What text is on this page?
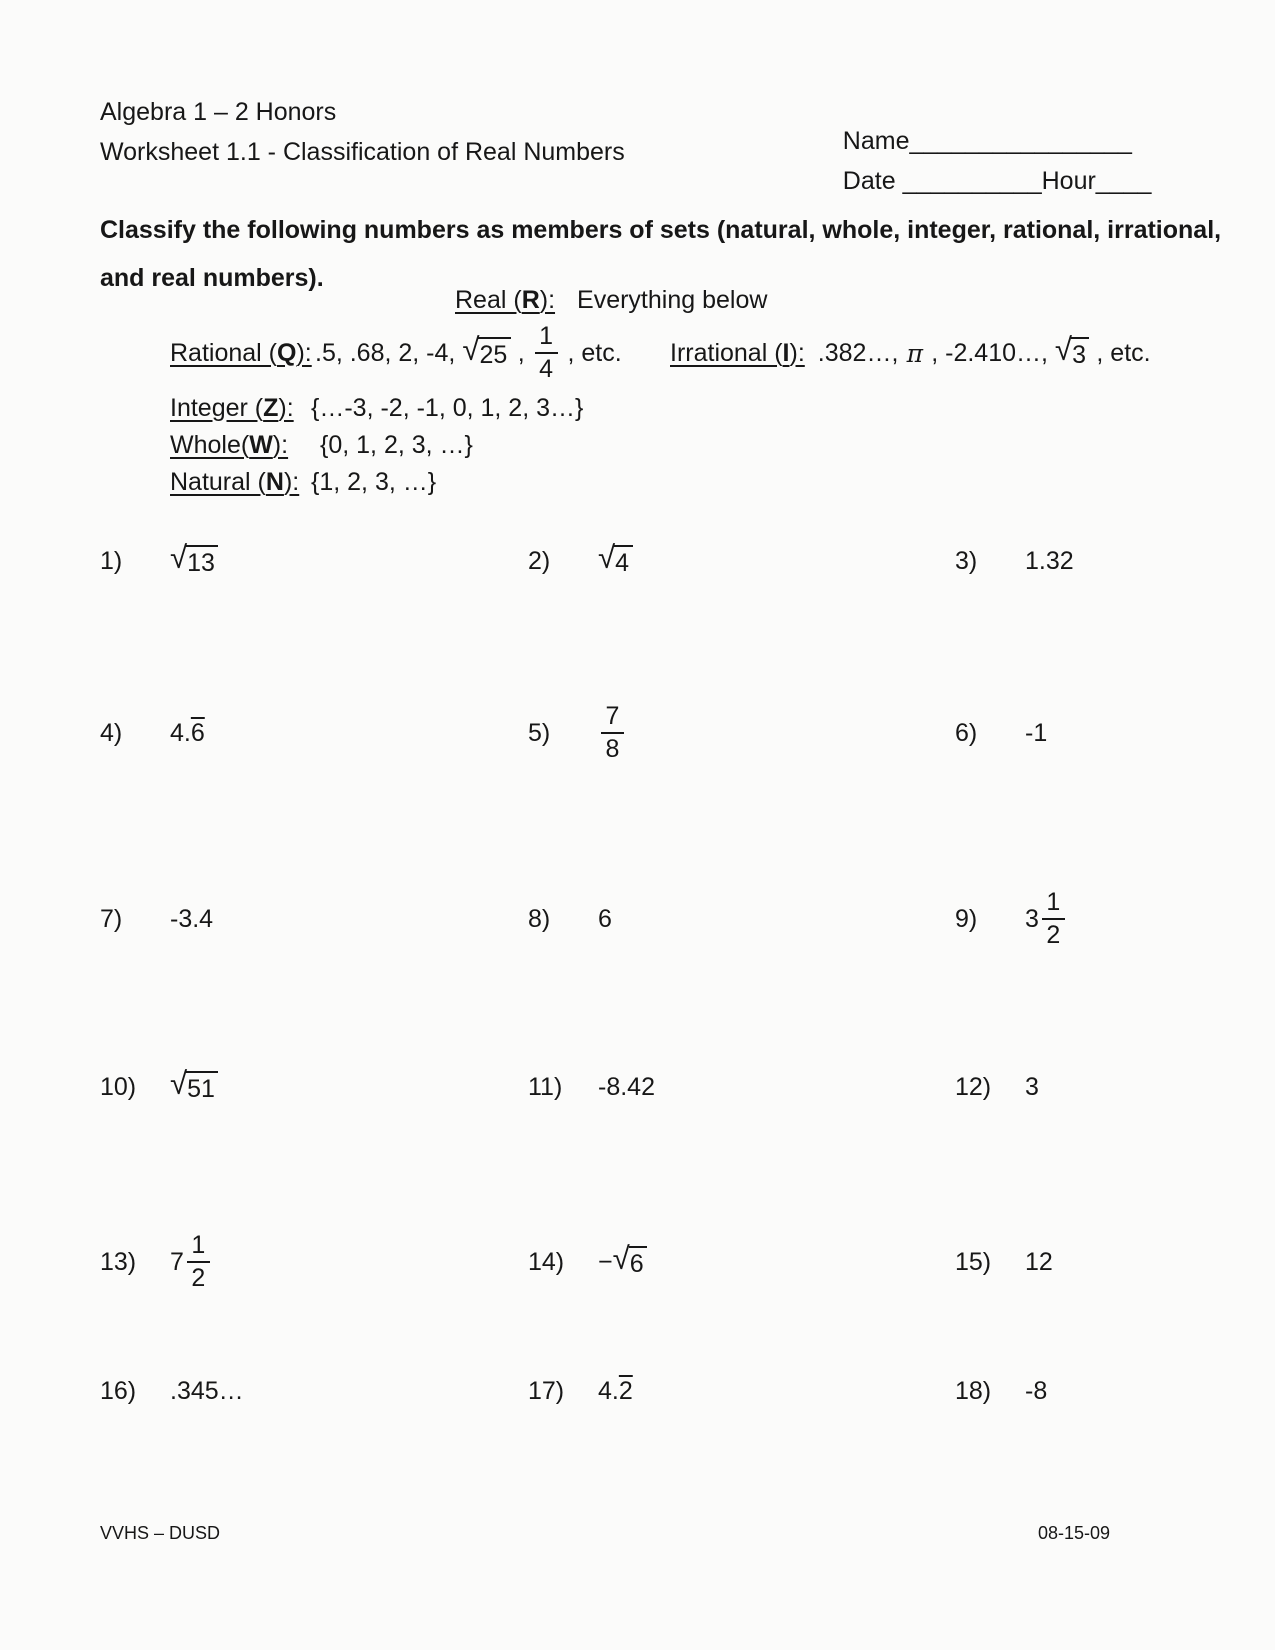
Algebra 1 – 2 Honors
Worksheet 1.1 - Classification of Real Numbers	Name________________

Date __________Hour____

Classify the following numbers as members of sets (natural, whole, integer, rational, irrational,
and real numbers).
Real (R): Everything below
Rational (Q): .5, .68, 2, -4, √ 25 , $\frac{1}{4}$ , etc. Irrational (I): .382…, π , -2.410…, √ 3 , etc.
Integer (Z): {…-3, -2, -1, 0, 1, 2, 3…}
Whole(W):	{0, 1, 2, 3, …}
Natural (N): {1, 2, 3, …}
1)	√ 13	2)	√ 4	3)	1.32
4)	4. 6	5)	$\frac{7}{8}$	6)	-1
7)	-3.4	8)	6	9)	$3 \frac{1}{2}$
10)	√ 51	11)	-8.42	12)	3
13)	$7 \frac{1}{2}$	14)	− √ 6	15)	12
16)	.345…	17)	4. 2	18)	-8
VVHS – DUSD	08-15-09
